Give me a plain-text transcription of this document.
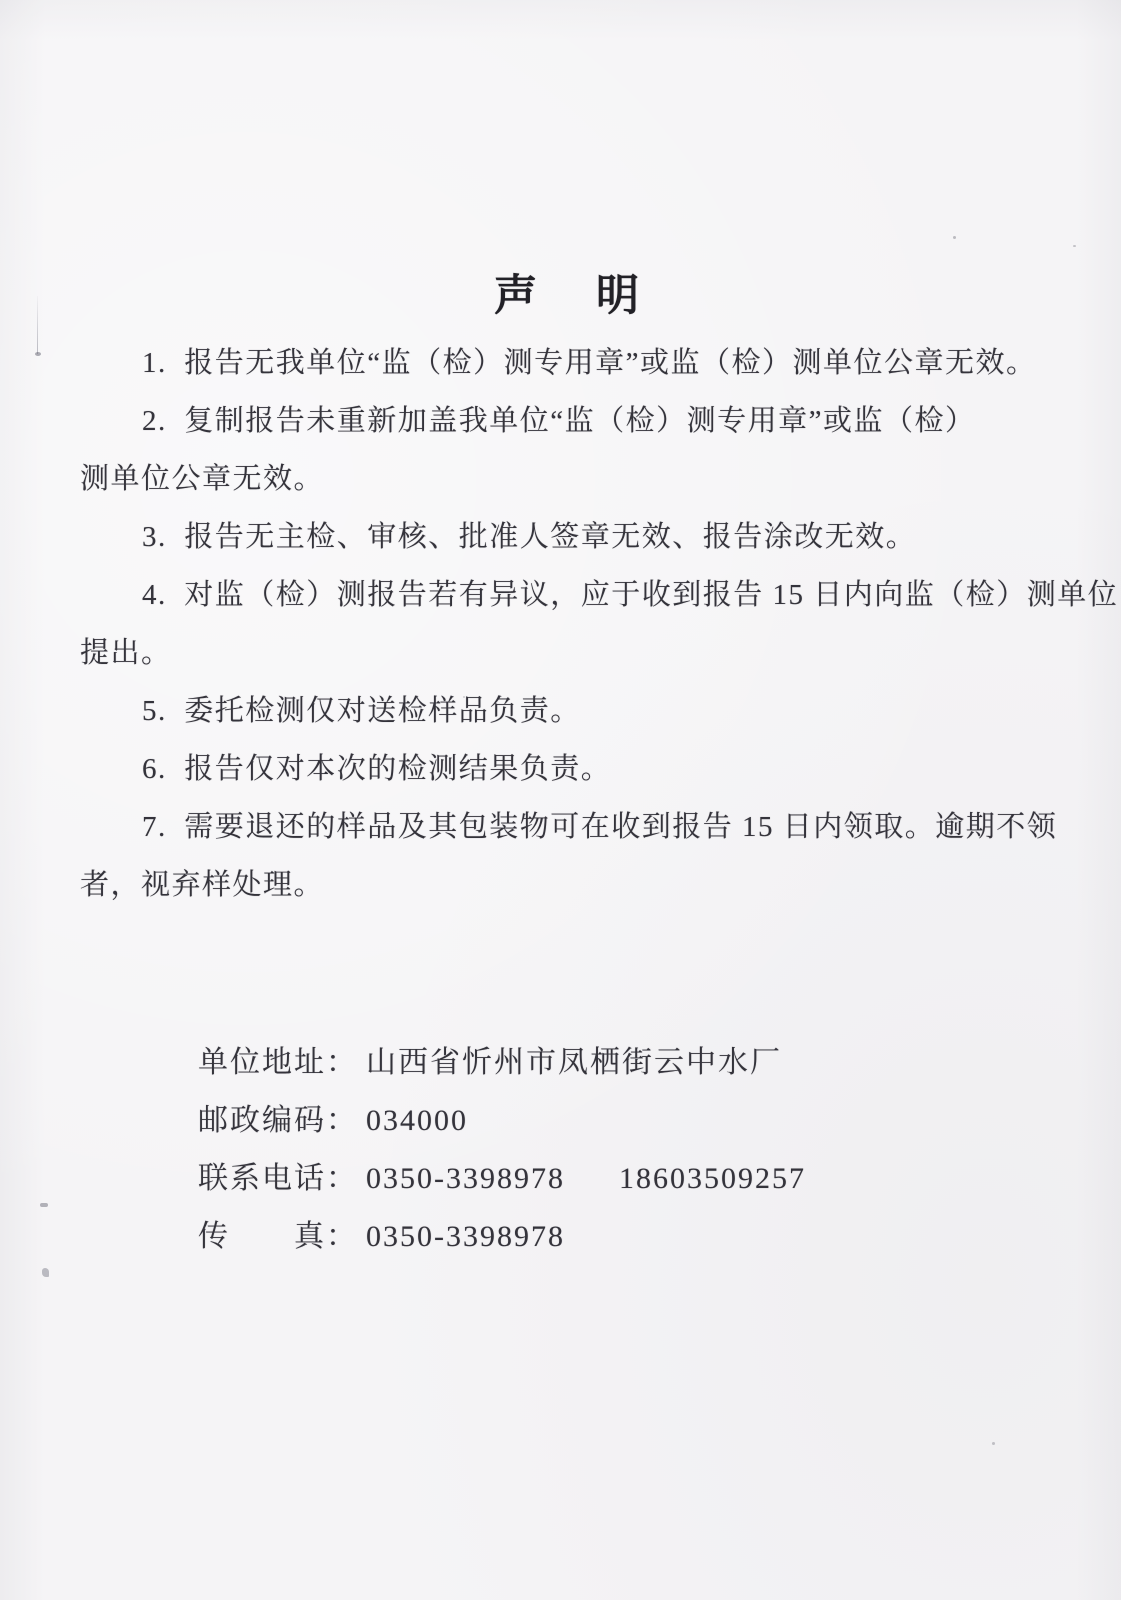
声　明
1.  报告无我单位“监（检）测专用章”或监（检）测单位公章无效。
2.  复制报告未重新加盖我单位“监（检）测专用章”或监（检）
测单位公章无效。
3.  报告无主检、审核、批准人签章无效、报告涂改无效。
4.  对监（检）测报告若有异议，应于收到报告 15 日内向监（检）测单位
提出。
5.  委托检测仅对送检样品负责。
6.  报告仅对本次的检测结果负责。
7.  需要退还的样品及其包装物可在收到报告 15 日内领取。逾期不领
者，视弃样处理。

单位地址： 山西省忻州市凤栖街云中水厂

邮政编码： 034000

联系电话： 0350-3398978 18603509257

传　　真： 0350-3398978
